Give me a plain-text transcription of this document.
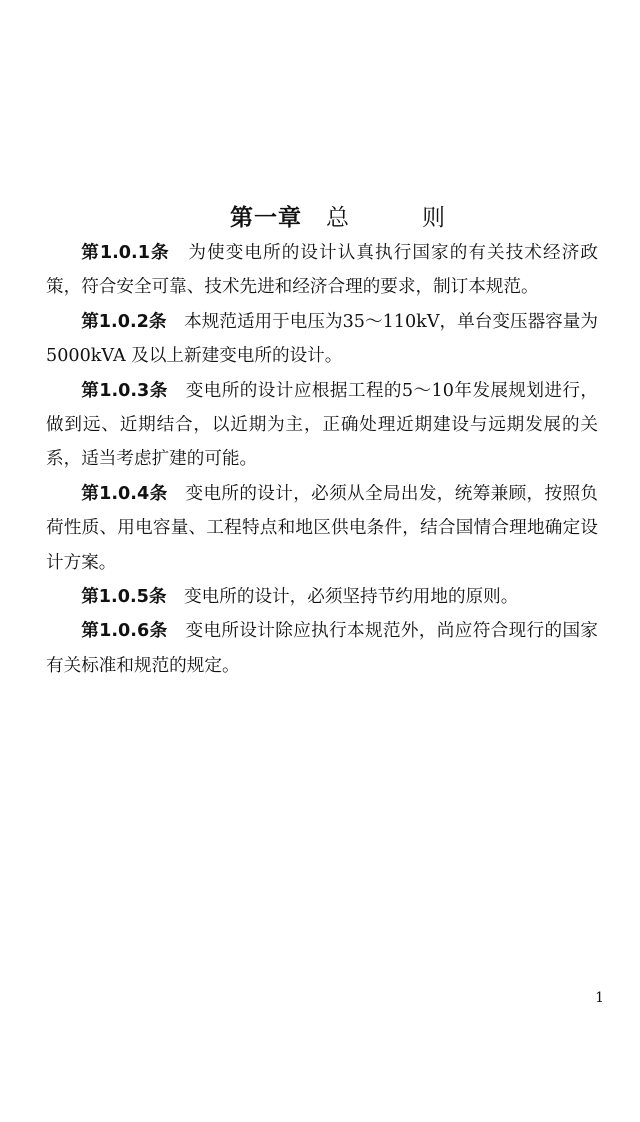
第一章　 总　　　则

第1.0.1条　 为使变电所的设计认真执行国家的有关技术经济政策，符合安全可靠、技术先进和经济合理的要求，制订本规范。

第1.0.2条　 本规范适用于电压为35～110kV，单台变压器容量为5000kVA 及以上新建变电所的设计。

第1.0.3条　 变电所的设计应根据工程的5～10年发展规划进行，做到远、近期结合，以近期为主，正确处理近期建设与远期发展的关系，适当考虑扩建的可能。

第1.0.4条　 变电所的设计，必须从全局出发，统筹兼顾，按照负荷性质、用电容量、工程特点和地区供电条件，结合国情合理地确定设计方案。

第1.0.5条　 变电所的设计，必须坚持节约用地的原则。

第1.0.6条　 变电所设计除应执行本规范外，尚应符合现行的国家有关标准和规范的规定。

1
